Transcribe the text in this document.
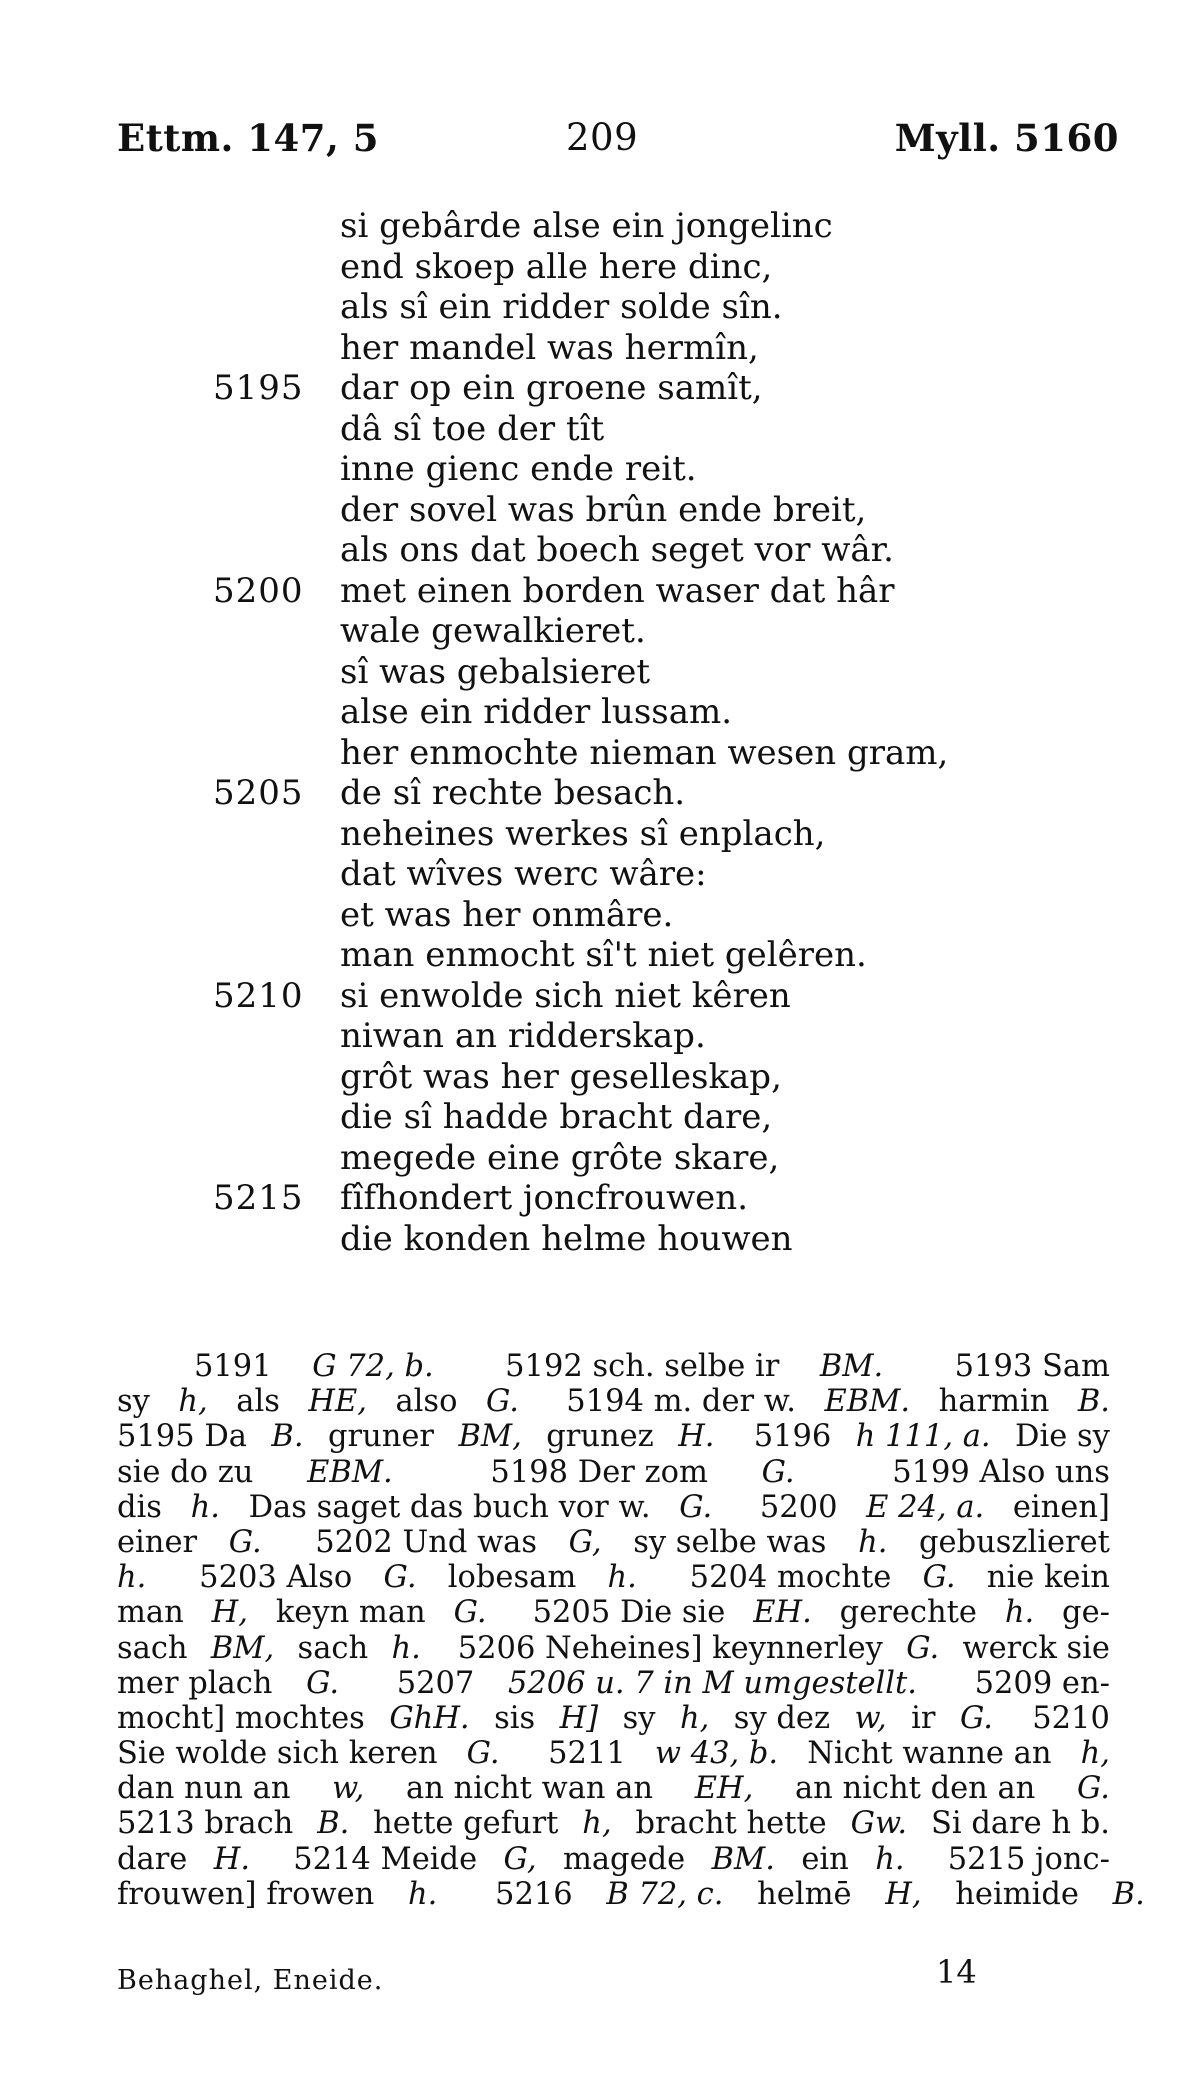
Ettm. 147, 5	209	Myll. 5160
si gebârde alse ein jongelinc
end skoep alle here dinc,
als sî ein ridder solde sîn.
her mandel was hermîn,
5195 dar op ein groene samît,
dâ sî toe der tît
inne gienc ende reit.
der sovel was brûn ende breit,
als ons dat boech seget vor wâr.
5200 met einen borden waser dat hâr
wale gewalkieret.
sî was gebalsieret
alse ein ridder lussam.
her enmochte nieman wesen gram,
5205 de sî rechte besach.
neheines werkes sî enplach,
dat wîves werc wâre:
et was her onmâre.
man enmocht sî't niet gelêren.
5210 si enwolde sich niet kêren
niwan an ridderskap.
grôt was her geselleskap,
die sî hadde bracht dare,
megede eine grôte skare,
5215 fîfhondert joncfrouwen.
die konden helme houwen
5191 G 72, b.
5192 sch. selbe ir BM.
5193 Sam
sy h, als HE, also G.
5194 m. der w. EBM. harmin B.
5195 Da B. gruner BM, grunez H.
5196 h 111, a. Die sy
sie do zu EBM.
	5198 Der zom G.
	5199 Also uns
dis h. Das saget das buch vor w. G.
5200 E 24, a. einen]
einer G.
5202 Und was G, sy selbe was h. gebuszlieret
h.
5203 Also G. lobesam h.
5204 mochte G. nie kein
man H, keyn man G.
5205 Die sie EH. gerechte h. ge-
sach BM, sach h.
5206 Neheines] keynnerley G. werck sie
mer plach G.
5207 5206 u. 7 in M umgestellt.
5209 en-
mocht] mochtes GhH. sis H] sy h, sy dez w, ir G.
5210
Sie wolde sich keren G.
5211 w 43, b. Nicht wanne an h,
dan nun an w, an nicht wan an EH, an nicht den an G.
5213 brach B. hette gefurt h, bracht hette Gw. Si dare h b.
dare H.
5214 Meide G, magede BM. ein h.
5215 jonc-
frouwen] frowen h.
5216 B 72, c. helmē H, heimide B.
Behaghel, Eneide.	14
